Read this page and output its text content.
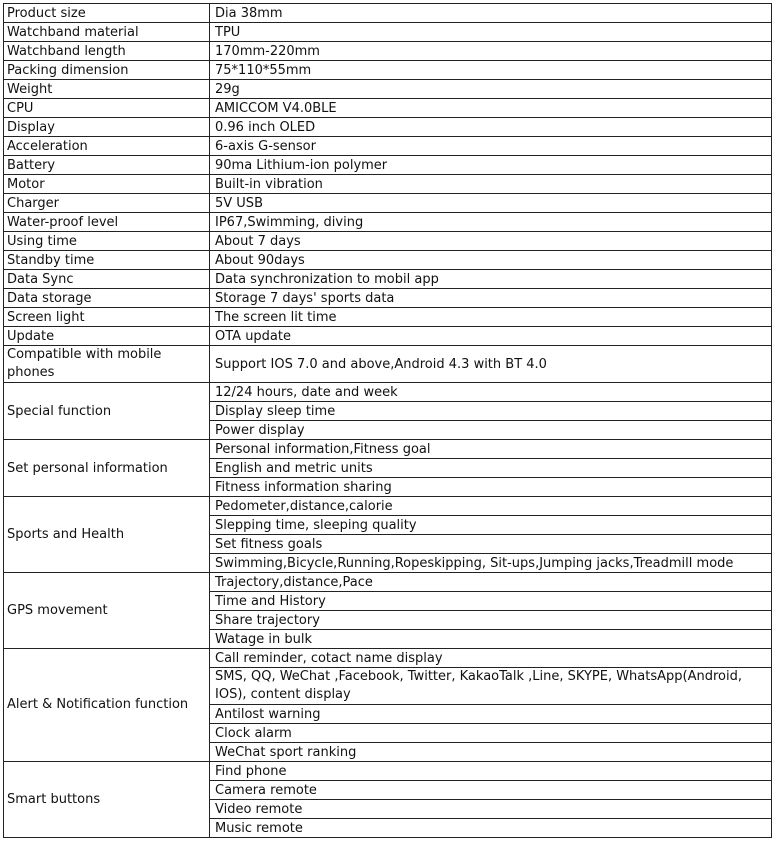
Product size	Dia 38mm
Watchband material	TPU
Watchband length	170mm-220mm
Packing dimension	75*110*55mm
Weight	29g
CPU	AMICCOM V4.0BLE
Display	0.96 inch OLED
Acceleration	6-axis G-sensor
Battery	90ma Lithium-ion polymer
Motor	Built-in vibration
Charger	5V USB
Water-proof level	IP67,Swimming, diving
Using time	About 7 days
Standby time	About 90days
Data Sync	Data synchronization to mobil app
Data storage	Storage 7 days' sports data
Screen light	The screen lit time
Update	OTA update
Compatible with mobile phones	Support IOS 7.0 and above,Android 4.3 with BT 4.0
Special function	12/24 hours, date and week
	Display sleep time
	Power display
Set personal information	Personal information,Fitness goal
	English and metric units
	Fitness information sharing
Sports and Health	Pedometer,distance,calorie
	Slepping time, sleeping quality
	Set fitness goals
	Swimming,Bicycle,Running,Ropeskipping, Sit-ups,Jumping jacks,Treadmill mode
GPS movement	Trajectory,distance,Pace
	Time and History
	Share trajectory
	Watage in bulk
Alert & Notification function	Call reminder, cotact name display
	SMS, QQ, WeChat ,Facebook, Twitter, KakaoTalk ,Line, SKYPE, WhatsApp(Android, IOS), content display
	Antilost warning
	Clock alarm
	WeChat sport ranking
Smart buttons	Find phone
	Camera remote
	Video remote
	Music remote
